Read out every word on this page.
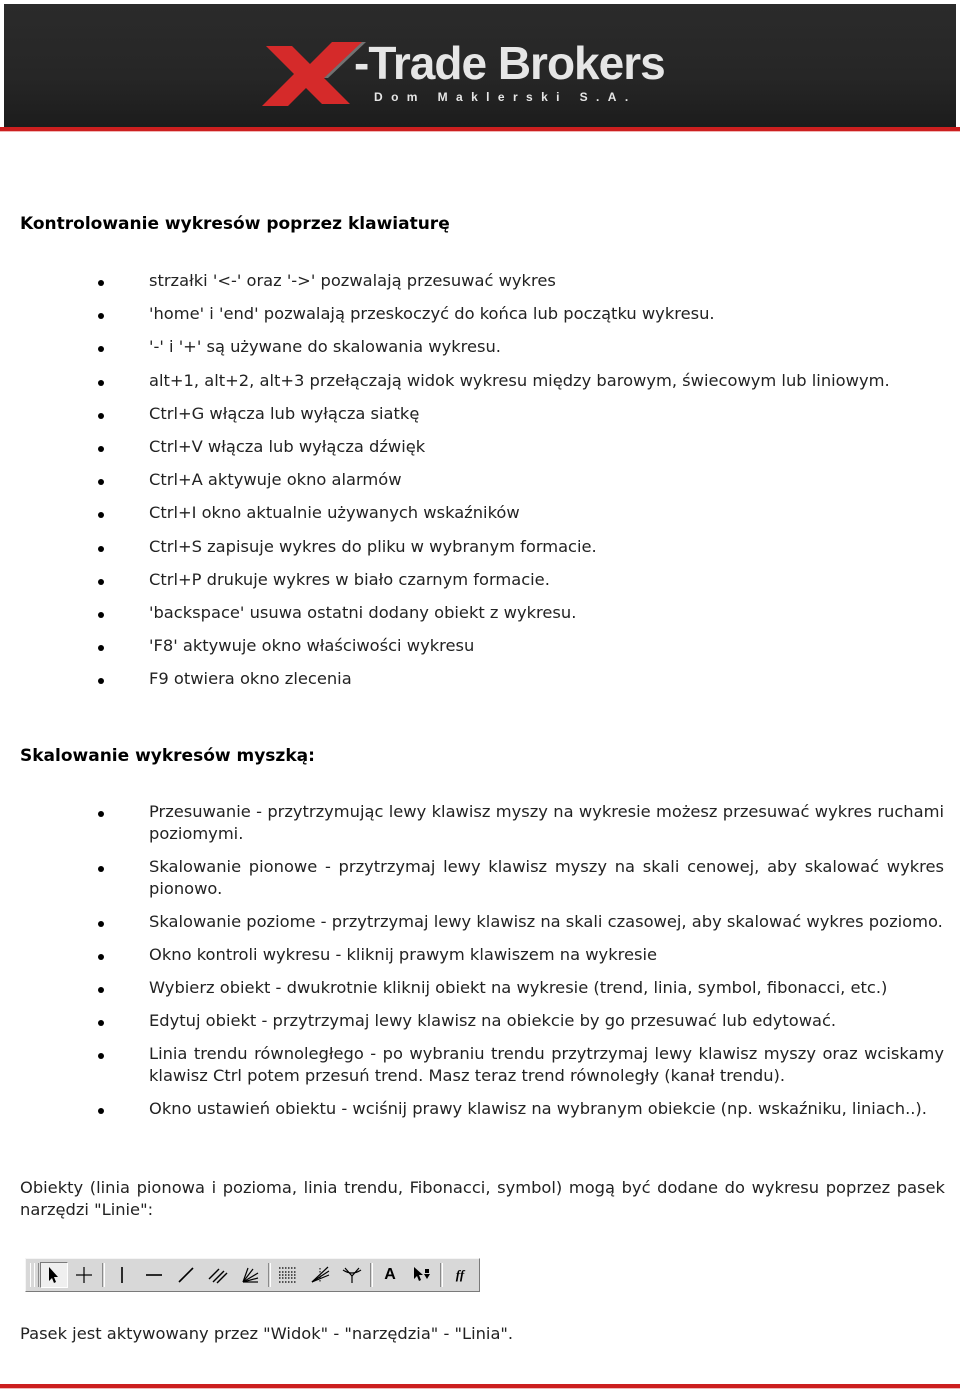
-Trade Brokers
Dom Maklerski S.A.
Kontrolowanie wykresów poprzez klawiaturę
strzałki '<-' oraz '->' pozwalają przesuwać wykres
'home' i 'end' pozwalają przeskoczyć do końca lub początku wykresu.
'-' i '+' są używane do skalowania wykresu.
alt+1, alt+2, alt+3 przełączają widok wykresu między barowym, świecowym lub liniowym.
Ctrl+G włącza lub wyłącza siatkę
Ctrl+V włącza lub wyłącza dźwięk
Ctrl+A aktywuje okno alarmów
Ctrl+I okno aktualnie używanych wskaźników
Ctrl+S zapisuje wykres do pliku w wybranym formacie.
Ctrl+P drukuje wykres w biało czarnym formacie.
'backspace' usuwa ostatni dodany obiekt z wykresu.
'F8' aktywuje okno właściwości wykresu
F9 otwiera okno zlecenia
Skalowanie wykresów myszką:
Przesuwanie - przytrzymując lewy klawisz myszy na wykresie możesz przesuwać wykres ruchami poziomymi.
Skalowanie pionowe - przytrzymaj lewy klawisz myszy na skali cenowej, aby skalować wykres pionowo.
Skalowanie poziome - przytrzymaj lewy klawisz na skali czasowej, aby skalować wykres poziomo.
Okno kontroli wykresu - kliknij prawym klawiszem na wykresie
Wybierz obiekt - dwukrotnie kliknij obiekt na wykresie (trend, linia, symbol, fibonacci, etc.)
Edytuj obiekt - przytrzymaj lewy klawisz na obiekcie by go przesuwać lub edytować.
Linia trendu równoległego - po wybraniu trendu przytrzymaj lewy klawisz myszy oraz wciskamy klawisz Ctrl potem przesuń trend. Masz teraz trend równoległy (kanał trendu).
Okno ustawień obiektu - wciśnij prawy klawisz na wybranym obiekcie (np. wskaźniku, liniach..).
Obiekty (linia pionowa i pozioma, linia trendu, Fibonacci, symbol) mogą być dodane do wykresu poprzez pasek narzędzi "Linie":
A	ff
Pasek jest aktywowany przez "Widok" - "narzędzia" - "Linia".
